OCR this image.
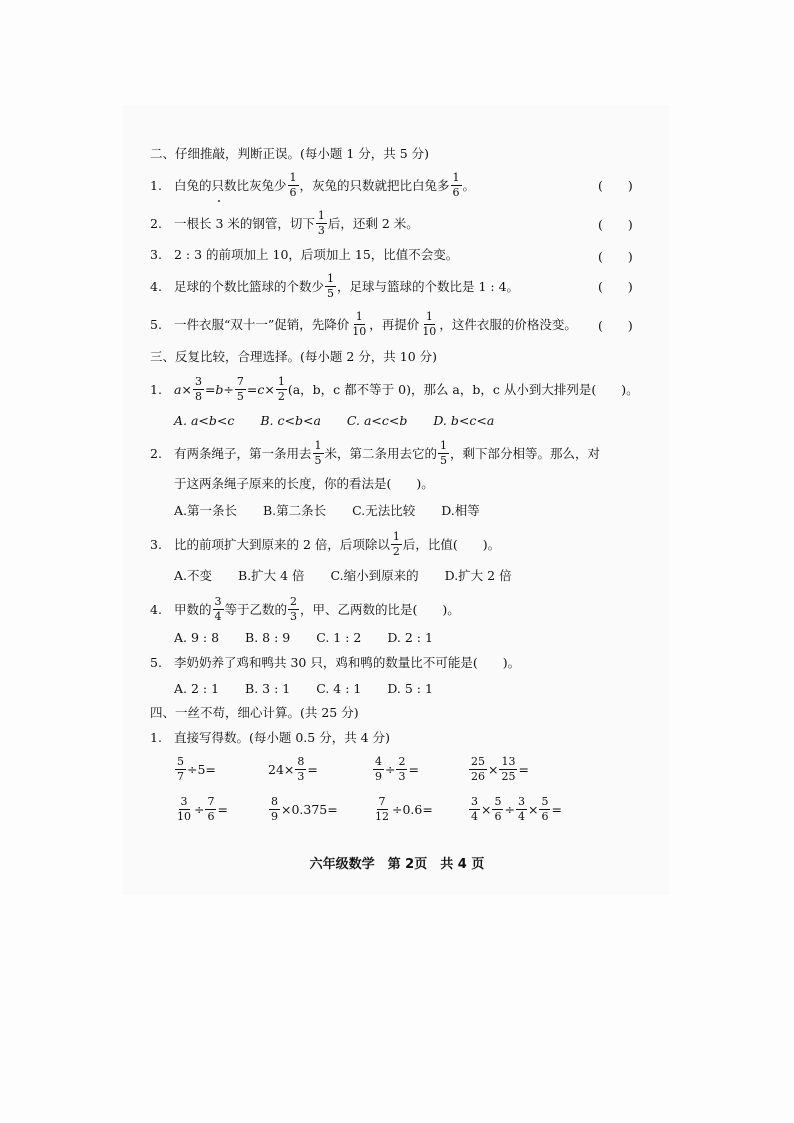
二、仔细推敲，判断正误。(每小题 1 分，共 5 分)
1. 白兔的只数比灰兔少 $\frac{1}{6}$ ，灰兔的只数就把比白兔多 $\frac{1}{6}$ 。	(　　)
2. 一根长 3 米的钢管，切下 $\frac{1}{3}$ 后，还剩 2 米。	(　　)
3. 2 : 3 的前项加上 10，后项加上 15，比值不会变。	(　　)
4. 足球的个数比篮球的个数少 $\frac{1}{5}$ ，足球与篮球的个数比是 1 : 4。	(　　)
5. 一件衣服“双十一”促销，先降价 $\frac{1}{10}$ ，再提价 $\frac{1}{10}$ ，这件衣服的价格没变。 (　　)
三、反复比较，合理选择。(每小题 2 分，共 10 分)
1. $a\times \frac{3}{8} =b\div \frac{7}{5} =c\times \frac{1}{2} (a$，b，c 都不等于 0)，那么 a，b，c 从小到大排列是(　　)。
A. a<b<c B. c<b<a C. a<c<b D. b<c<a
2. 有两条绳子，第一条用去 $\frac{1}{5}$ 米，第二条用去它的 $\frac{1}{5}$ ，剩下部分相等。那么，对
于这两条绳子原来的长度，你的看法是(　　)。
A.第一条长 B.第二条长 C.无法比较 D.相等
3. 比的前项扩大到原来的 2 倍，后项除以 $\frac{1}{2}$ 后，比值(　　)。
A.不变 B.扩大 4 倍 C.缩小到原来的 D.扩大 2 倍
4. 甲数的 $\frac{3}{4}$ 等于乙数的 $\frac{2}{3}$ ，甲、乙两数的比是(　　)。
A. 9 : 8 B. 8 : 9 C. 1 : 2 D. 2 : 1
5. 李奶奶养了鸡和鸭共 30 只，鸡和鸭的数量比不可能是(　　)。
A. 2 : 1 B. 3 : 1 C. 4 : 1 D. 5 : 1
四、一丝不苟，细心计算。(共 25 分)
1. 直接写得数。(每小题 0.5 分，共 4 分)
$\frac{5}{7} \div 5=$	$24\times \frac{8}{3}$ =	$\frac{4}{9} \div \frac{2}{3}$ =	$\frac{25}{26} \times \frac{13}{25}$ =
$\frac{3}{10} \div \frac{7}{6}$ =	$\frac{8}{9} \times 0.375=$	$\frac{7}{12} \div 0.6=$	$\frac{3}{4} \times \frac{5}{6} \div \frac{3}{4} \times \frac{5}{6}$ =
六年级数学　第 2页　共 4 页
